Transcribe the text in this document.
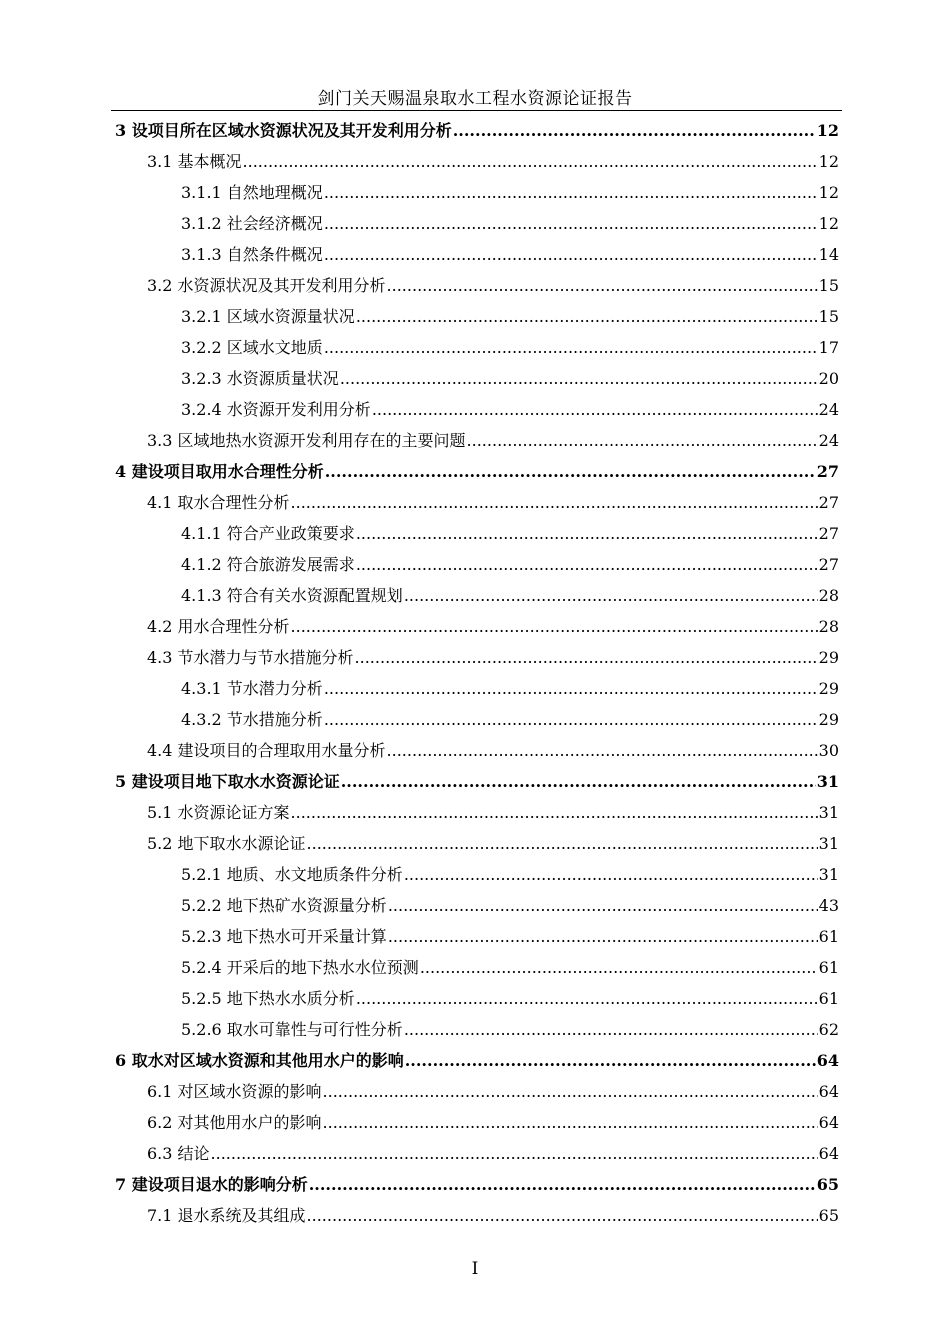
剑门关天赐温泉取水工程水资源论证报告
3 设项目所在区域水资源状况及其开发利用分析 .....	12
3.1 基本概况 .....	12
3.1.1 自然地理概况 .....	12
3.1.2 社会经济概况 .....	12
3.1.3 自然条件概况 .....	14
3.2 水资源状况及其开发利用分析 .....	15
3.2.1 区域水资源量状况 .....	15
3.2.2 区域水文地质 .....	17
3.2.3 水资源质量状况 .....	20
3.2.4 水资源开发利用分析 .....	24
3.3 区域地热水资源开发利用存在的主要问题 .....	24
4 建设项目取用水合理性分析 .....	27
4.1 取水合理性分析 .....	27
4.1.1 符合产业政策要求 .....	27
4.1.2 符合旅游发展需求 .....	27
4.1.3 符合有关水资源配置规划 .....	28
4.2 用水合理性分析 .....	28
4.3 节水潜力与节水措施分析 .....	29
4.3.1 节水潜力分析 .....	29
4.3.2 节水措施分析 .....	29
4.4 建设项目的合理取用水量分析 .....	30
5 建设项目地下取水水资源论证 .....	31
5.1 水资源论证方案 .....	31
5.2 地下取水水源论证 .....	31
5.2.1 地质、水文地质条件分析 .....	31
5.2.2 地下热矿水资源量分析 .....	43
5.2.3 地下热水可开采量计算 .....	61
5.2.4 开采后的地下热水水位预测 .....	61
5.2.5 地下热水水质分析 .....	61
5.2.6 取水可靠性与可行性分析 .....	62
6 取水对区域水资源和其他用水户的影响 .....	64
6.1 对区域水资源的影响 .....	64
6.2 对其他用水户的影响 .....	64
6.3 结论 .....	64
7 建设项目退水的影响分析 .....	65
7.1 退水系统及其组成 .....	65
I
